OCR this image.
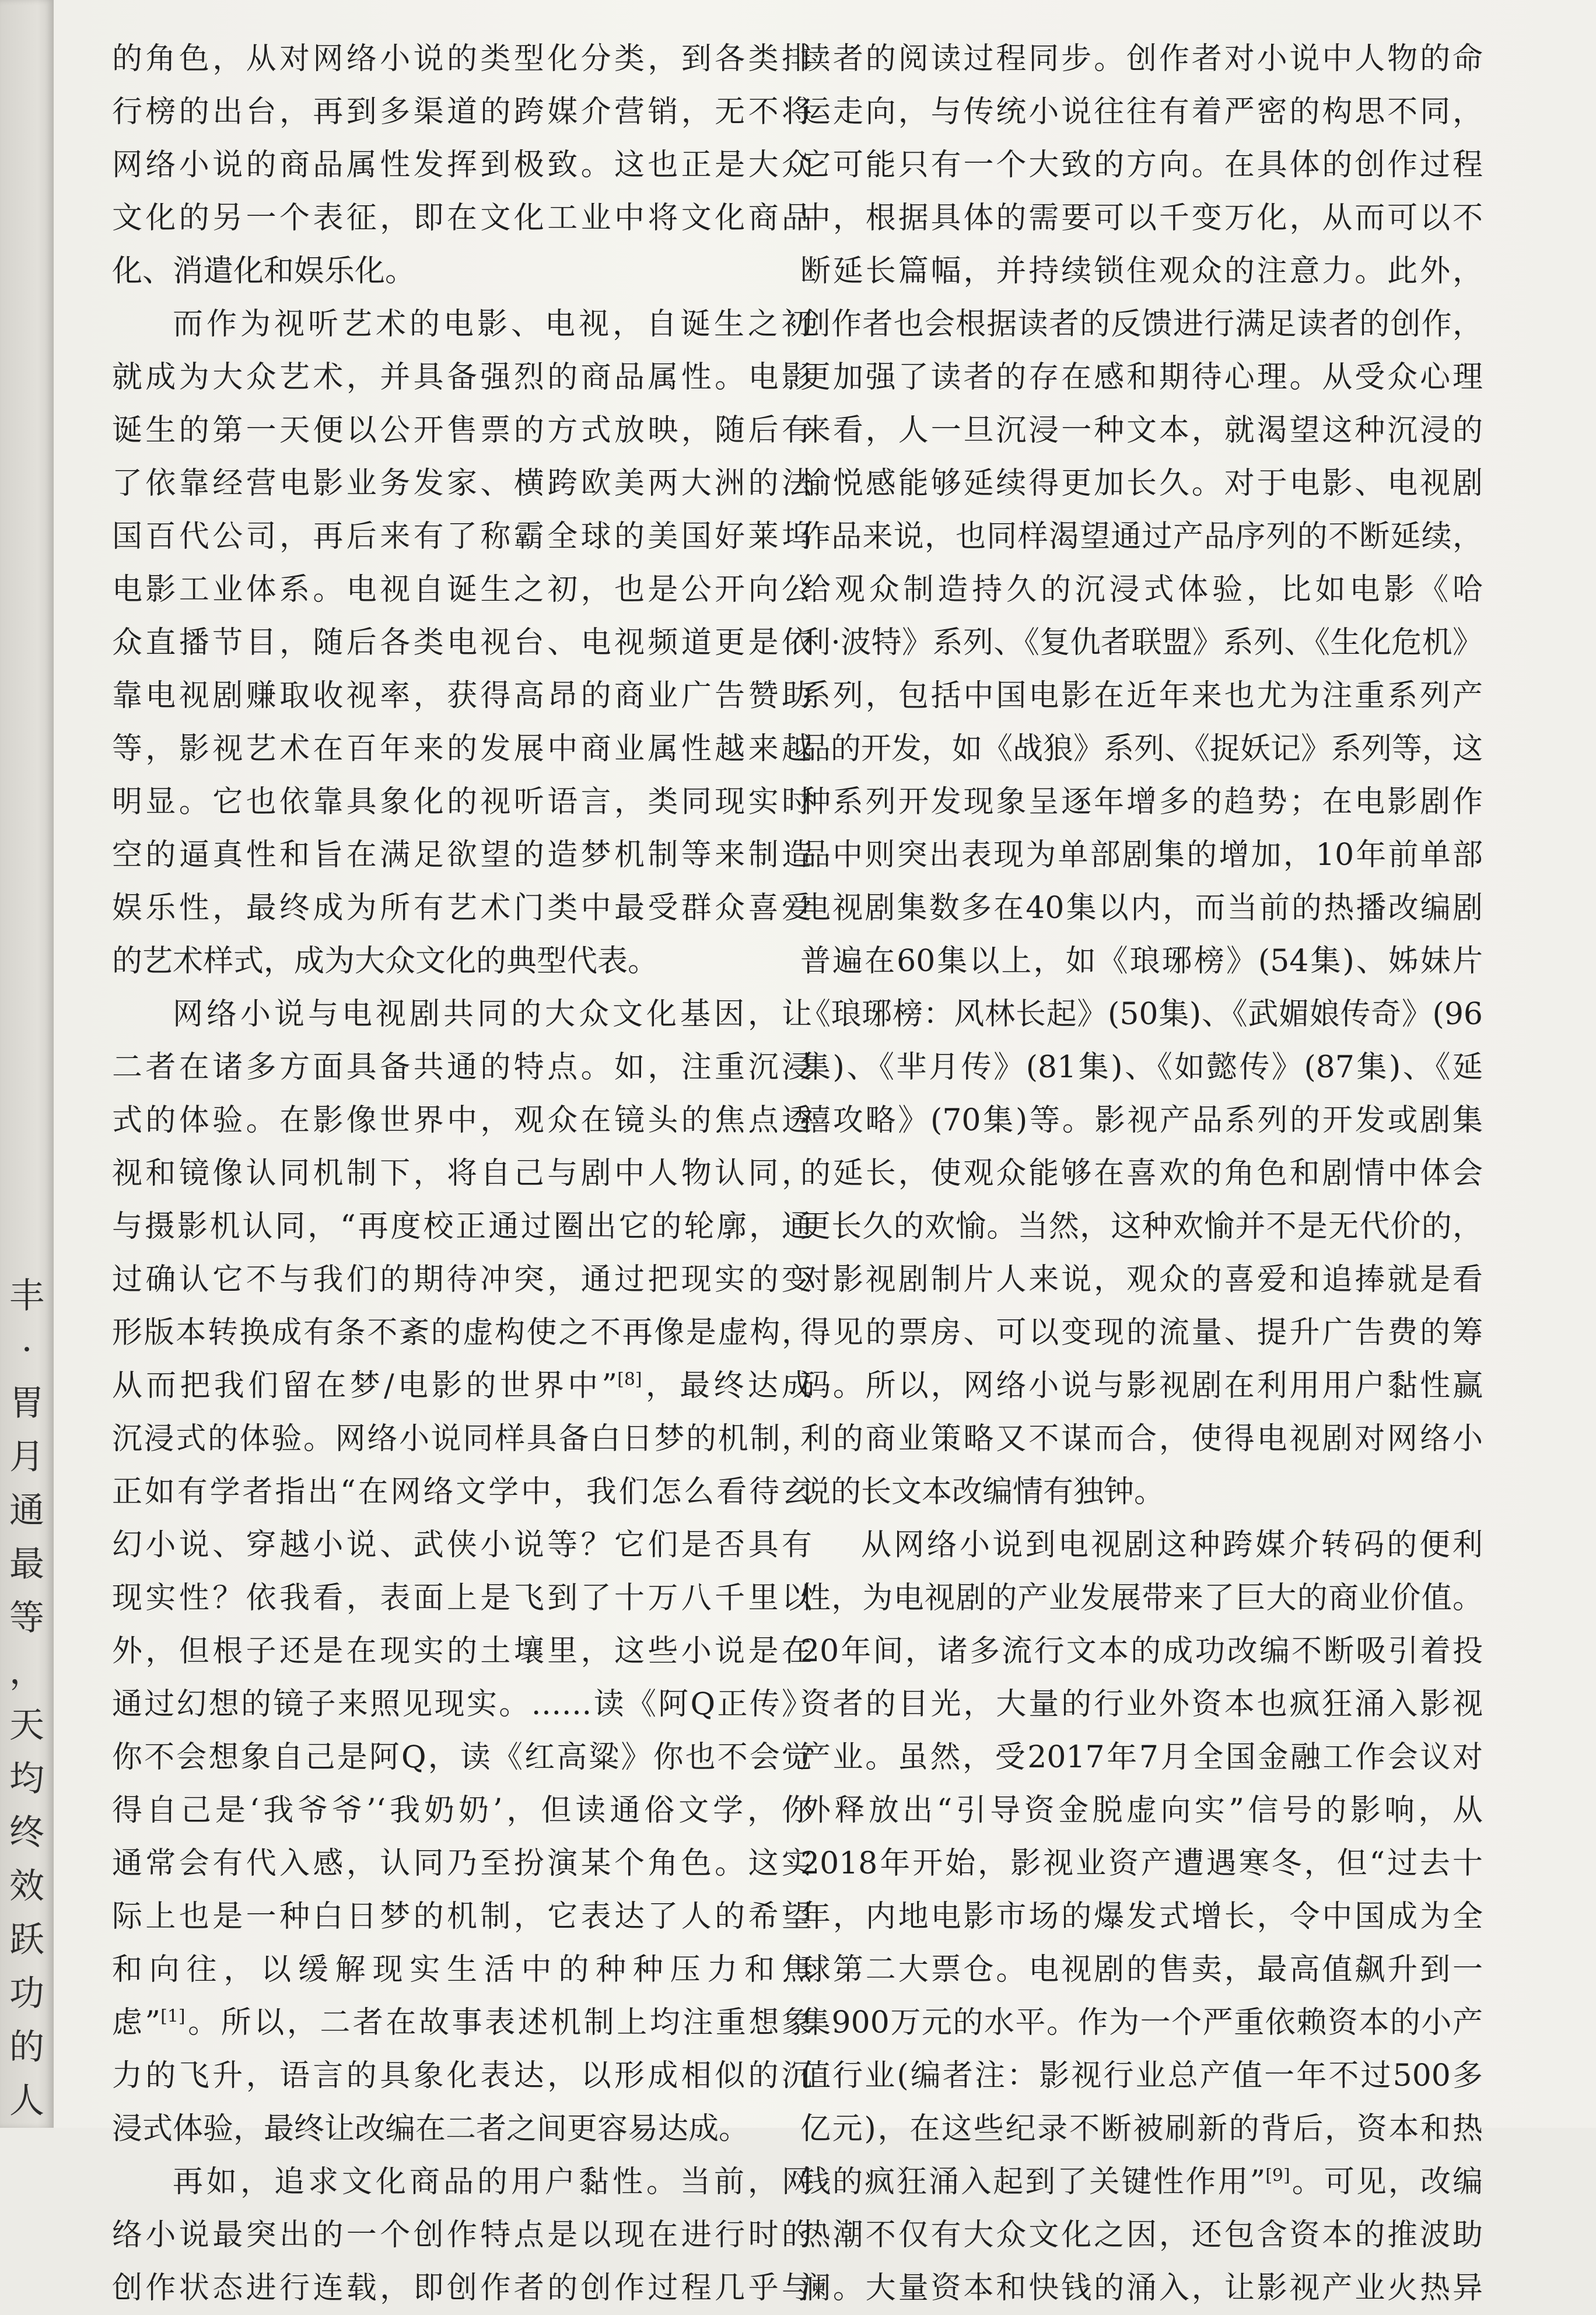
丰
·
胃
月
通
最
等
，
天
均
终
效
跃
功
的
人
的角色，从对网络小说的类型化分类，到各类排
行榜的出台，再到多渠道的跨媒介营销，无不将
网络小说的商品属性发挥到极致。这也正是大众
文化的另一个表征，即在文化工业中将文化商品
化、消遣化和娱乐化。
而作为视听艺术的电影、电视，自诞生之初
就成为大众艺术，并具备强烈的商品属性。电影
诞生的第一天便以公开售票的方式放映，随后有
了依靠经营电影业务发家、横跨欧美两大洲的法
国百代公司，再后来有了称霸全球的美国好莱坞
电影工业体系。电视自诞生之初，也是公开向公
众直播节目，随后各类电视台、电视频道更是依
靠电视剧赚取收视率，获得高昂的商业广告赞助
等，影视艺术在百年来的发展中商业属性越来越
明显。它也依靠具象化的视听语言，类同现实时
空的逼真性和旨在满足欲望的造梦机制等来制造
娱乐性，最终成为所有艺术门类中最受群众喜爱
的艺术样式，成为大众文化的典型代表。
网络小说与电视剧共同的大众文化基因，让
二者在诸多方面具备共通的特点。如，注重沉浸
式的体验。在影像世界中，观众在镜头的焦点透
视和镜像认同机制下，将自己与剧中人物认同，
与摄影机认同，“再度校正通过圈出它的轮廓，通
过确认它不与我们的期待冲突，通过把现实的变
形版本转换成有条不紊的虚构使之不再像是虚构，
从而把我们留在梦/电影的世界中”[8]，最终达成
沉浸式的体验。网络小说同样具备白日梦的机制，
正如有学者指出“在网络文学中，我们怎么看待玄
幻小说、穿越小说、武侠小说等？它们是否具有
现实性？依我看，表面上是飞到了十万八千里以
外，但根子还是在现实的土壤里，这些小说是在
通过幻想的镜子来照见现实。……读《阿Q正传》
你不会想象自己是阿Q，读《红高粱》你也不会觉
得自己是‘我爷爷’‘我奶奶’，但读通俗文学，你
通常会有代入感，认同乃至扮演某个角色。这实
际上也是一种白日梦的机制，它表达了人的希望
和向往，以缓解现实生活中的种种压力和焦
虑”[1]。所以，二者在故事表述机制上均注重想象
力的飞升，语言的具象化表达，以形成相似的沉
浸式体验，最终让改编在二者之间更容易达成。
再如，追求文化商品的用户黏性。当前，网
络小说最突出的一个创作特点是以现在进行时的
创作状态进行连载，即创作者的创作过程几乎与
读者的阅读过程同步。创作者对小说中人物的命
运走向，与传统小说往往有着严密的构思不同，
它可能只有一个大致的方向。在具体的创作过程
中，根据具体的需要可以千变万化，从而可以不
断延长篇幅，并持续锁住观众的注意力。此外，
创作者也会根据读者的反馈进行满足读者的创作，
更加强了读者的存在感和期待心理。从受众心理
来看，人一旦沉浸一种文本，就渴望这种沉浸的
愉悦感能够延续得更加长久。对于电影、电视剧
作品来说，也同样渴望通过产品序列的不断延续，
给观众制造持久的沉浸式体验，比如电影《哈
利·波特》系列、《复仇者联盟》系列、《生化危机》
系列，包括中国电影在近年来也尤为注重系列产
品的开发，如《战狼》系列、《捉妖记》系列等，这
种系列开发现象呈逐年增多的趋势；在电影剧作
品中则突出表现为单部剧集的增加，10年前单部
电视剧集数多在40集以内，而当前的热播改编剧
普遍在60集以上，如《琅琊榜》(54集)、姊妹片
《琅琊榜：风林长起》(50集)、《武媚娘传奇》(96
集)、《芈月传》(81集)、《如懿传》(87集)、《延
禧攻略》(70集)等。影视产品系列的开发或剧集
的延长，使观众能够在喜欢的角色和剧情中体会
更长久的欢愉。当然，这种欢愉并不是无代价的，
对影视剧制片人来说，观众的喜爱和追捧就是看
得见的票房、可以变现的流量、提升广告费的筹
码。所以，网络小说与影视剧在利用用户黏性赢
利的商业策略又不谋而合，使得电视剧对网络小
说的长文本改编情有独钟。
从网络小说到电视剧这种跨媒介转码的便利
性，为电视剧的产业发展带来了巨大的商业价值。
20年间，诸多流行文本的成功改编不断吸引着投
资者的目光，大量的行业外资本也疯狂涌入影视
产业。虽然，受2017年7月全国金融工作会议对
外释放出“引导资金脱虚向实”信号的影响，从
2018年开始，影视业资产遭遇寒冬，但“过去十
年，内地电影市场的爆发式增长，令中国成为全
球第二大票仓。电视剧的售卖，最高值飙升到一
集900万元的水平。作为一个严重依赖资本的小产
值行业(编者注：影视行业总产值一年不过500多
亿元)，在这些纪录不断被刷新的背后，资本和热
钱的疯狂涌入起到了关键性作用”[9]。可见，改编
热潮不仅有大众文化之因，还包含资本的推波助
澜。大量资本和快钱的涌入，让影视产业火热异
